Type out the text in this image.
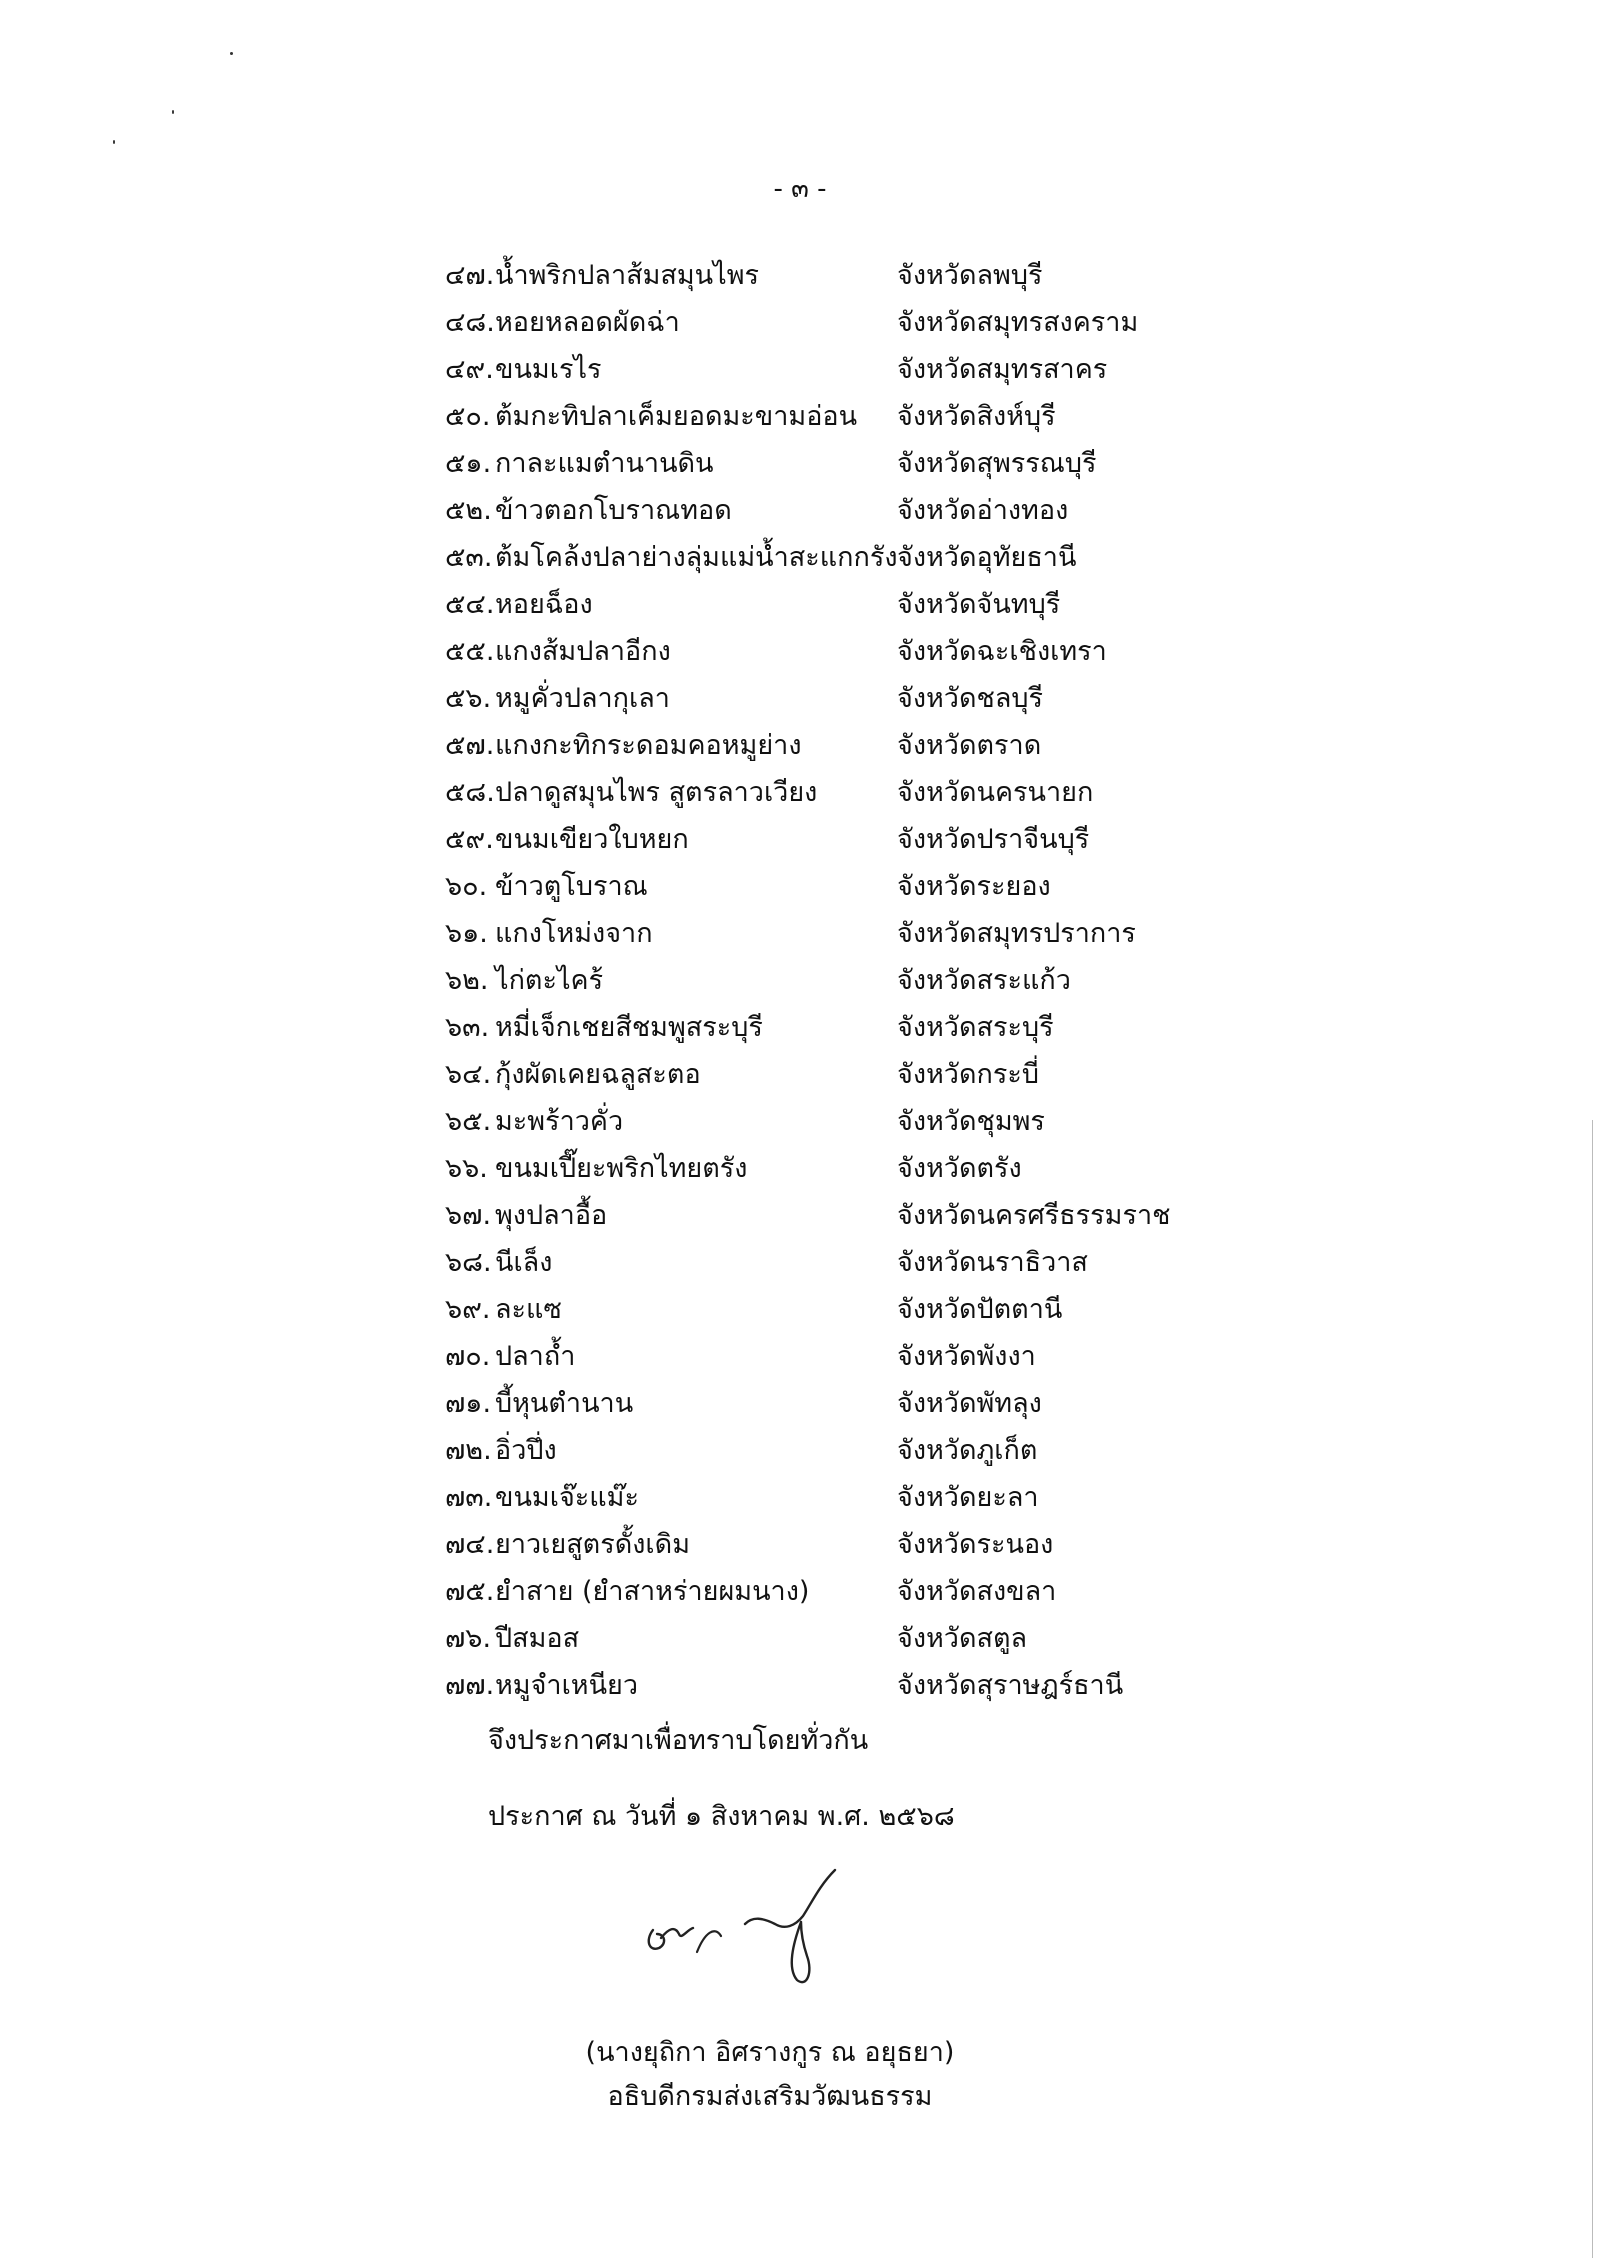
- ๓ -
๔๗. น้ำพริกปลาส้มสมุนไพร	จังหวัดลพบุรี
๔๘. หอยหลอดผัดฉ่า	จังหวัดสมุทรสงคราม
๔๙. ขนมเรไร	จังหวัดสมุทรสาคร
๕๐. ต้มกะทิปลาเค็มยอดมะขามอ่อน จังหวัดสิงห์บุรี
๕๑. กาละแมตำนานดิน	จังหวัดสุพรรณบุรี
๕๒. ข้าวตอกโบราณทอด	จังหวัดอ่างทอง
๕๓. ต้มโคล้งปลาย่างลุ่มแม่น้ำสะแกกรัง จังหวัดอุทัยธานี
๕๔. หอยฉ็อง	จังหวัดจันทบุรี
๕๕. แกงส้มปลาอีกง	จังหวัดฉะเชิงเทรา
๕๖. หมูคั่วปลากุเลา	จังหวัดชลบุรี
๕๗. แกงกะทิกระดอมคอหมูย่าง	จังหวัดตราด
๕๘. ปลาดูสมุนไพร สูตรลาวเวียง	จังหวัดนครนายก
๕๙. ขนมเขียวใบหยก	จังหวัดปราจีนบุรี
๖๐. ข้าวตูโบราณ	จังหวัดระยอง
๖๑. แกงโหม่งจาก	จังหวัดสมุทรปราการ
๖๒. ไก่ตะไคร้	จังหวัดสระแก้ว
๖๓. หมี่เจ็กเชยสีชมพูสระบุรี	จังหวัดสระบุรี
๖๔. กุ้งผัดเคยฉลูสะตอ	จังหวัดกระบี่
๖๕. มะพร้าวคั่ว	จังหวัดชุมพร
๖๖. ขนมเปี๊ยะพริกไทยตรัง	จังหวัดตรัง
๖๗. พุงปลาอื้อ	จังหวัดนครศรีธรรมราช
๖๘. นีเล็ง	จังหวัดนราธิวาส
๖๙. ละแซ	จังหวัดปัตตานี
๗๐. ปลาถ้ำ	จังหวัดพังงา
๗๑. บี้หุนตำนาน	จังหวัดพัทลุง
๗๒. อิ่วปึ่ง	จังหวัดภูเก็ต
๗๓. ขนมเจ๊ะแม๊ะ	จังหวัดยะลา
๗๔. ยาวเยสูตรดั้งเดิม	จังหวัดระนอง
๗๕. ยำสาย (ยำสาหร่ายผมนาง)	จังหวัดสงขลา
๗๖. ปีสมอส	จังหวัดสตูล
๗๗. หมูจำเหนียว	จังหวัดสุราษฎร์ธานี
จึงประกาศมาเพื่อทราบโดยทั่วกัน
ประกาศ ณ วันที่ ๑ สิงหาคม พ.ศ. ๒๕๖๘
(นางยุถิกา อิศรางกูร ณ อยุธยา)
อธิบดีกรมส่งเสริมวัฒนธรรม
